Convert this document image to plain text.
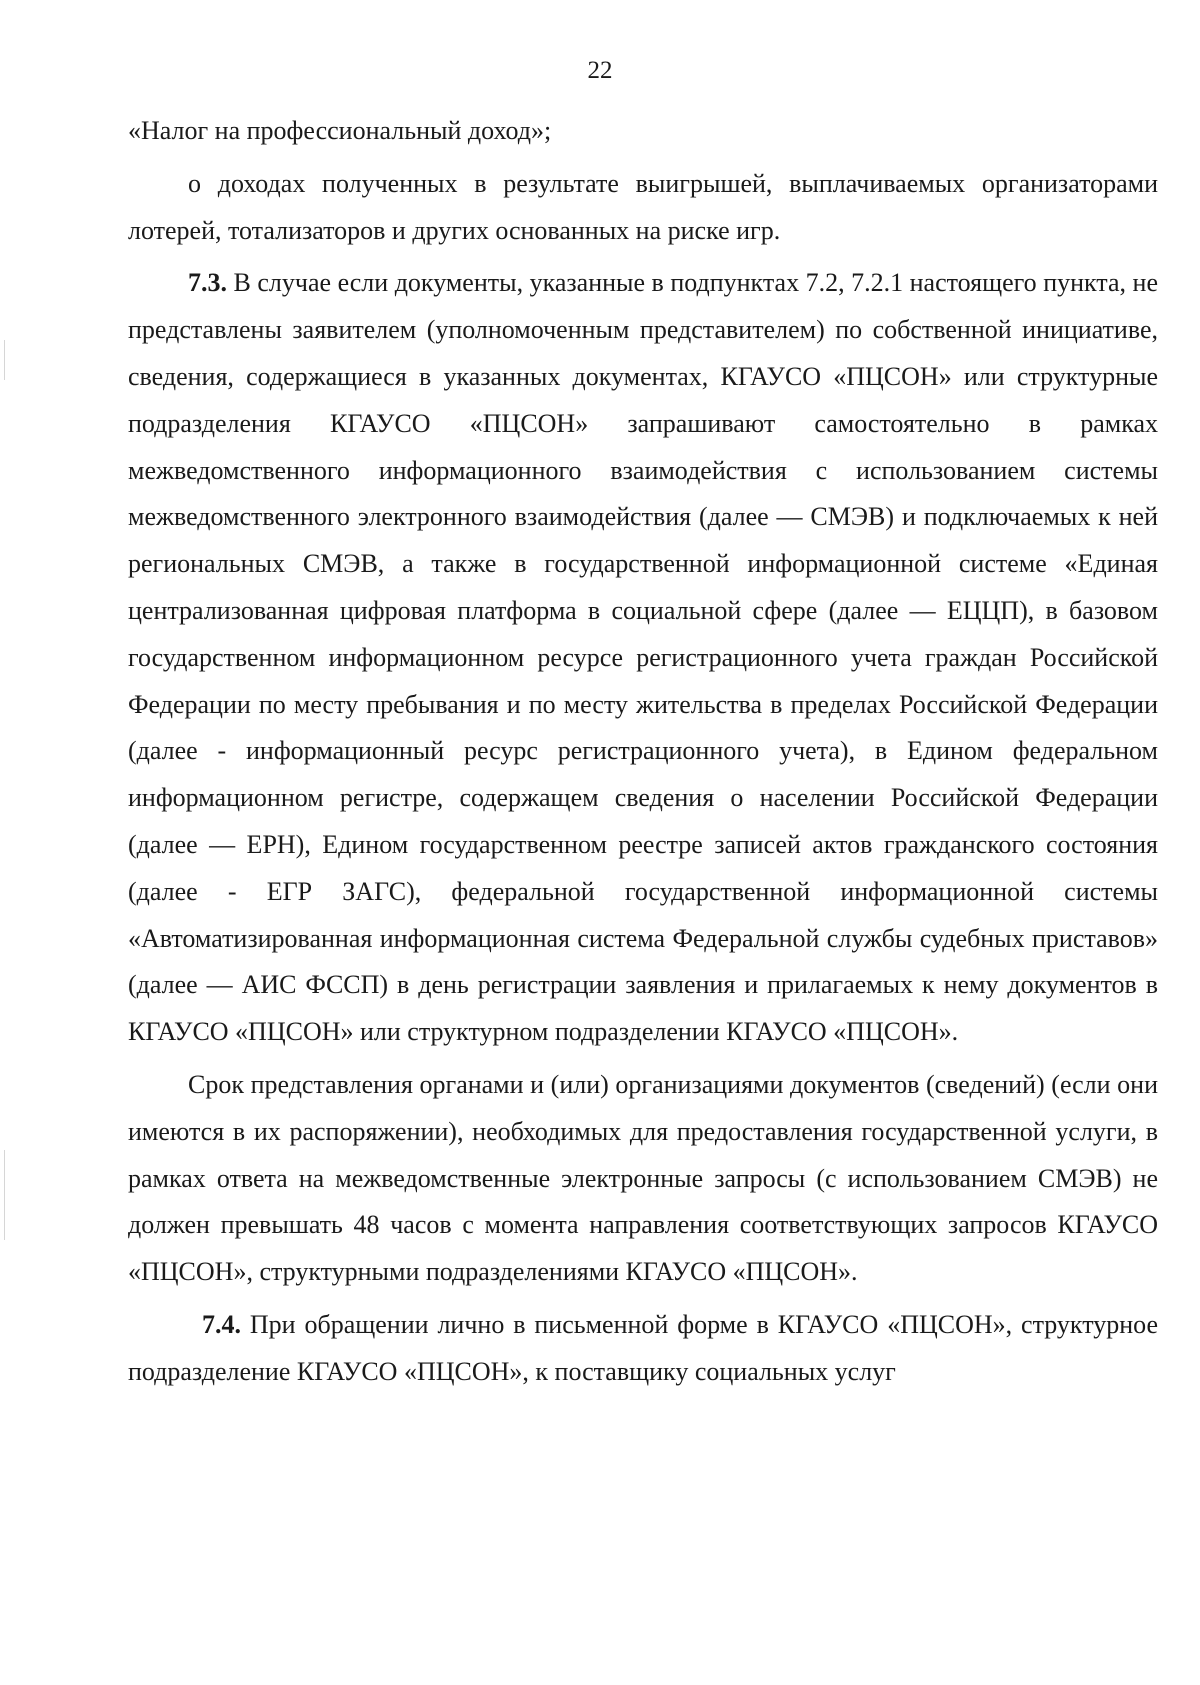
22

«Налог на профессиональный доход»;

о доходах полученных в результате выигрышей, выплачиваемых организаторами лотерей, тотализаторов и других основанных на риске игр.

7.3. В случае если документы, указанные в подпунктах 7.2, 7.2.1 настоящего пункта, не представлены заявителем (уполномоченным представителем) по собственной инициативе, сведения, содержащиеся в указанных документах, КГАУСО «ПЦСОН» или структурные подразделения КГАУСО «ПЦСОН» запрашивают самостоятельно в рамках межведомственного информационного взаимодействия с использованием системы межведомственного электронного взаимодействия (далее — СМЭВ) и подключаемых к ней региональных СМЭВ, а также в государственной информационной системе «Единая централизованная цифровая платформа в социальной сфере (далее — ЕЦЦП), в базовом государственном информационном ресурсе регистрационного учета граждан Российской Федерации по месту пребывания и по месту жительства в пределах Российской Федерации (далее - информационный ресурс регистрационного учета), в Едином федеральном информационном регистре, содержащем сведения о населении Российской Федерации (далее — ЕРН), Едином государственном реестре записей актов гражданского состояния (далее - ЕГР ЗАГС), федеральной государственной информационной системы «Автоматизированная информационная система Федеральной службы судебных приставов» (далее — АИС ФССП) в день регистрации заявления и прилагаемых к нему документов в КГАУСО «ПЦСОН» или структурном подразделении КГАУСО «ПЦСОН».

Срок представления органами и (или) организациями документов (сведений) (если они имеются в их распоряжении), необходимых для предоставления государственной услуги, в рамках ответа на межведомственные электронные запросы (с использованием СМЭВ) не должен превышать 48 часов с момента направления соответствующих запросов КГАУСО «ПЦСОН», структурными подразделениями КГАУСО «ПЦСОН».

7.4. При обращении лично в письменной форме в КГАУСО «ПЦСОН», структурное подразделение КГАУСО «ПЦСОН», к поставщику социальных услуг
